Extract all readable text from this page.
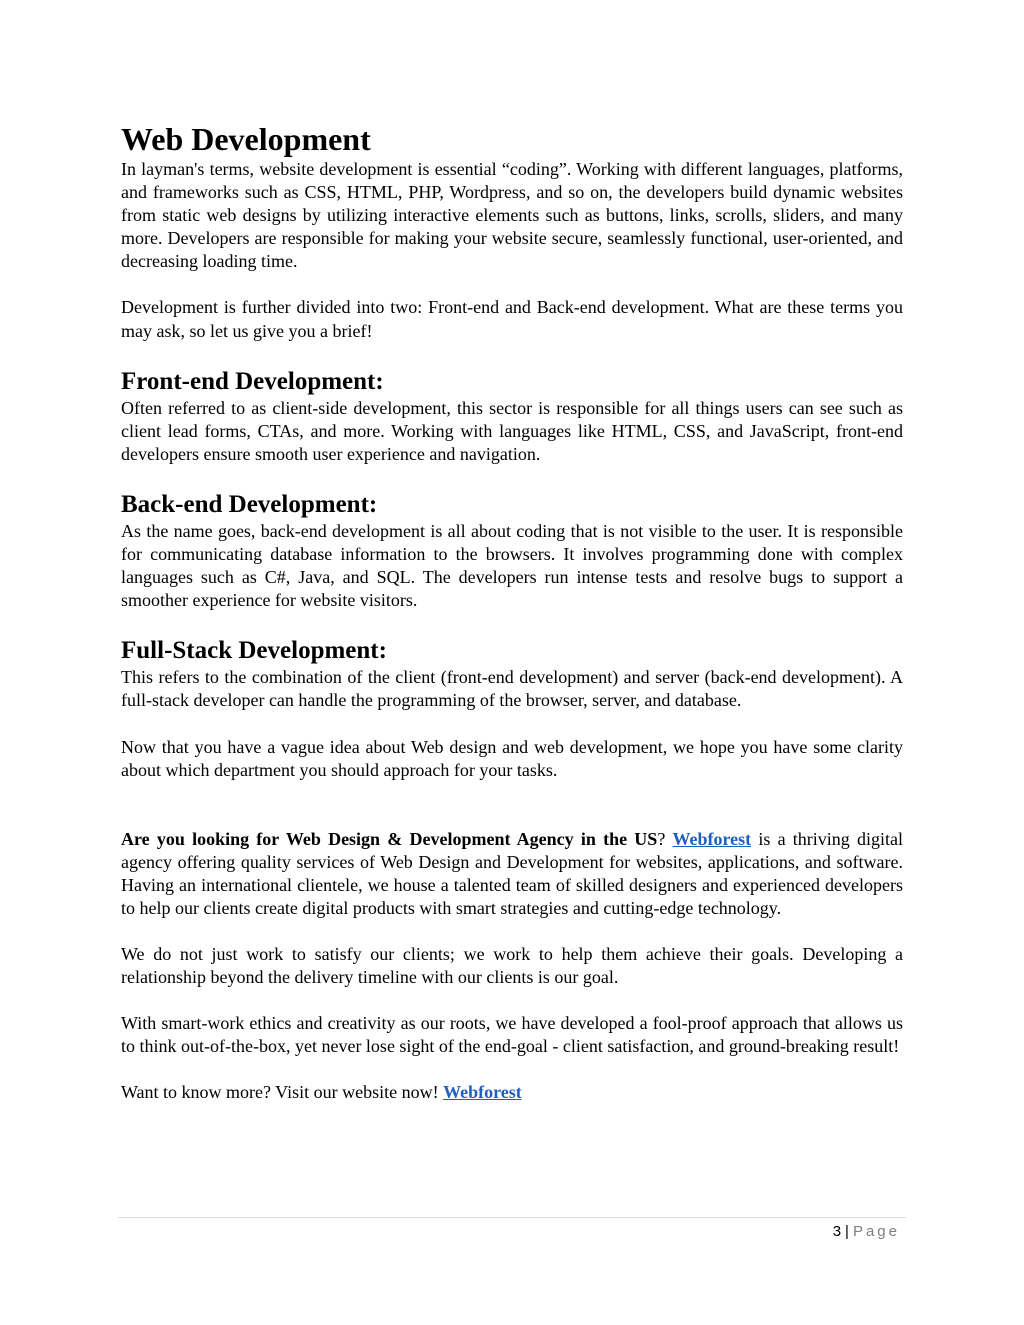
Web Development

In layman's terms, website development is essential “coding”. Working with different languages, platforms, and frameworks such as CSS, HTML, PHP, Wordpress, and so on, the developers build dynamic websites from static web designs by utilizing interactive elements such as buttons, links, scrolls, sliders, and many more. Developers are responsible for making your website secure, seamlessly functional, user-oriented, and decreasing loading time.

Development is further divided into two: Front-end and Back-end development. What are these terms you may ask, so let us give you a brief!

Front-end Development:

Often referred to as client-side development, this sector is responsible for all things users can see such as client lead forms, CTAs, and more. Working with languages like HTML, CSS, and JavaScript, front-end developers ensure smooth user experience and navigation.

Back-end Development:

As the name goes, back-end development is all about coding that is not visible to the user. It is responsible for communicating database information to the browsers. It involves programming done with complex languages such as C#, Java, and SQL. The developers run intense tests and resolve bugs to support a smoother experience for website visitors.

Full-Stack Development:

This refers to the combination of the client (front-end development) and server (back-end development). A full-stack developer can handle the programming of the browser, server, and database.

Now that you have a vague idea about Web design and web development, we hope you have some clarity about which department you should approach for your tasks.

Are you looking for Web Design & Development Agency in the US? Webforest is a thriving digital agency offering quality services of Web Design and Development for websites, applications, and software. Having an international clientele, we house a talented team of skilled designers and experienced developers to help our clients create digital products with smart strategies and cutting-edge technology.

We do not just work to satisfy our clients; we work to help them achieve their goals. Developing a relationship beyond the delivery timeline with our clients is our goal.

With smart-work ethics and creativity as our roots, we have developed a fool-proof approach that allows us to think out-of-the-box, yet never lose sight of the end-goal - client satisfaction, and ground-breaking result!

Want to know more? Visit our website now! Webforest

3 | Page
